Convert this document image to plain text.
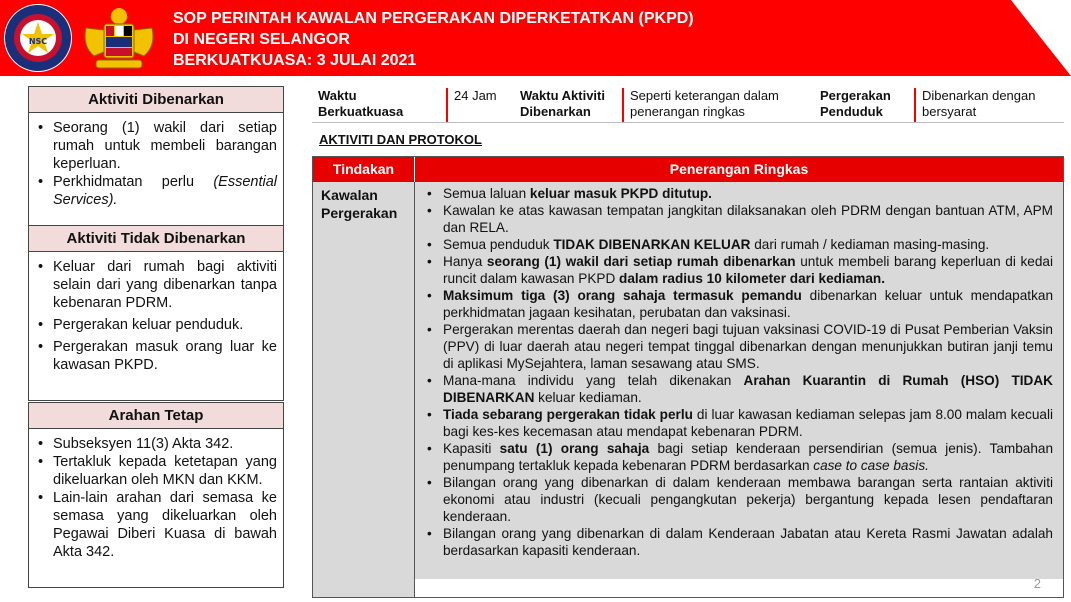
NSC
SOP PERINTAH KAWALAN PERGERAKAN DIPERKETATKAN (PKPD)
DI NEGERI SELANGOR
BERKUATKUASA: 3 JULAI 2021
Aktiviti Dibenarkan
• Seorang (1) wakil dari setiap rumah untuk membeli barangan keperluan.
• Perkhidmatan perlu (Essential Services).
Aktiviti Tidak Dibenarkan
• Keluar dari rumah bagi aktiviti selain dari yang dibenarkan tanpa kebenaran PDRM.
• Pergerakan keluar penduduk.
• Pergerakan masuk orang luar ke kawasan PKPD.
Arahan Tetap
• Subseksyen 11(3) Akta 342.
• Tertakluk kepada ketetapan yang dikeluarkan oleh MKN dan KKM.
• Lain-lain arahan dari semasa ke semasa yang dikeluarkan oleh Pegawai Diberi Kuasa di bawah Akta 342.
Waktu Berkuatkuasa
24 Jam	Waktu Aktiviti Dibenarkan
Seperti keterangan dalam penerangan ringkas
Pergerakan Penduduk
Dibenarkan dengan bersyarat
AKTIVITI DAN PROTOKOL
Tindakan	Penerangan Ringkas
Kawalan Pergerakan
• Semua laluan keluar masuk PKPD ditutup.
• Kawalan ke atas kawasan tempatan jangkitan dilaksanakan oleh PDRM dengan bantuan ATM, APM dan RELA.
• Semua penduduk TIDAK DIBENARKAN KELUAR dari rumah / kediaman masing-masing.
• Hanya seorang (1) wakil dari setiap rumah dibenarkan untuk membeli barang keperluan di kedai runcit dalam kawasan PKPD dalam radius 10 kilometer dari kediaman.
• Maksimum tiga (3) orang sahaja termasuk pemandu dibenarkan keluar untuk mendapatkan perkhidmatan jagaan kesihatan, perubatan dan vaksinasi.
• Pergerakan merentas daerah dan negeri bagi tujuan vaksinasi COVID-19 di Pusat Pemberian Vaksin (PPV) di luar daerah atau negeri tempat tinggal dibenarkan dengan menunjukkan butiran janji temu di aplikasi MySejahtera, laman sesawang atau SMS.
• Mana-mana individu yang telah dikenakan Arahan Kuarantin di Rumah (HSO) TIDAK DIBENARKAN keluar kediaman.
• Tiada sebarang pergerakan tidak perlu di luar kawasan kediaman selepas jam 8.00 malam kecuali bagi kes-kes kecemasan atau mendapat kebenaran PDRM.
• Kapasiti satu (1) orang sahaja bagi setiap kenderaan persendirian (semua jenis). Tambahan penumpang tertakluk kepada kebenaran PDRM berdasarkan case to case basis.
• Bilangan orang yang dibenarkan di dalam kenderaan membawa barangan serta rantaian aktiviti ekonomi atau industri (kecuali pengangkutan pekerja) bergantung kepada lesen pendaftaran kenderaan.
• Bilangan orang yang dibenarkan di dalam Kenderaan Jabatan atau Kereta Rasmi Jawatan adalah berdasarkan kapasiti kenderaan.
2
